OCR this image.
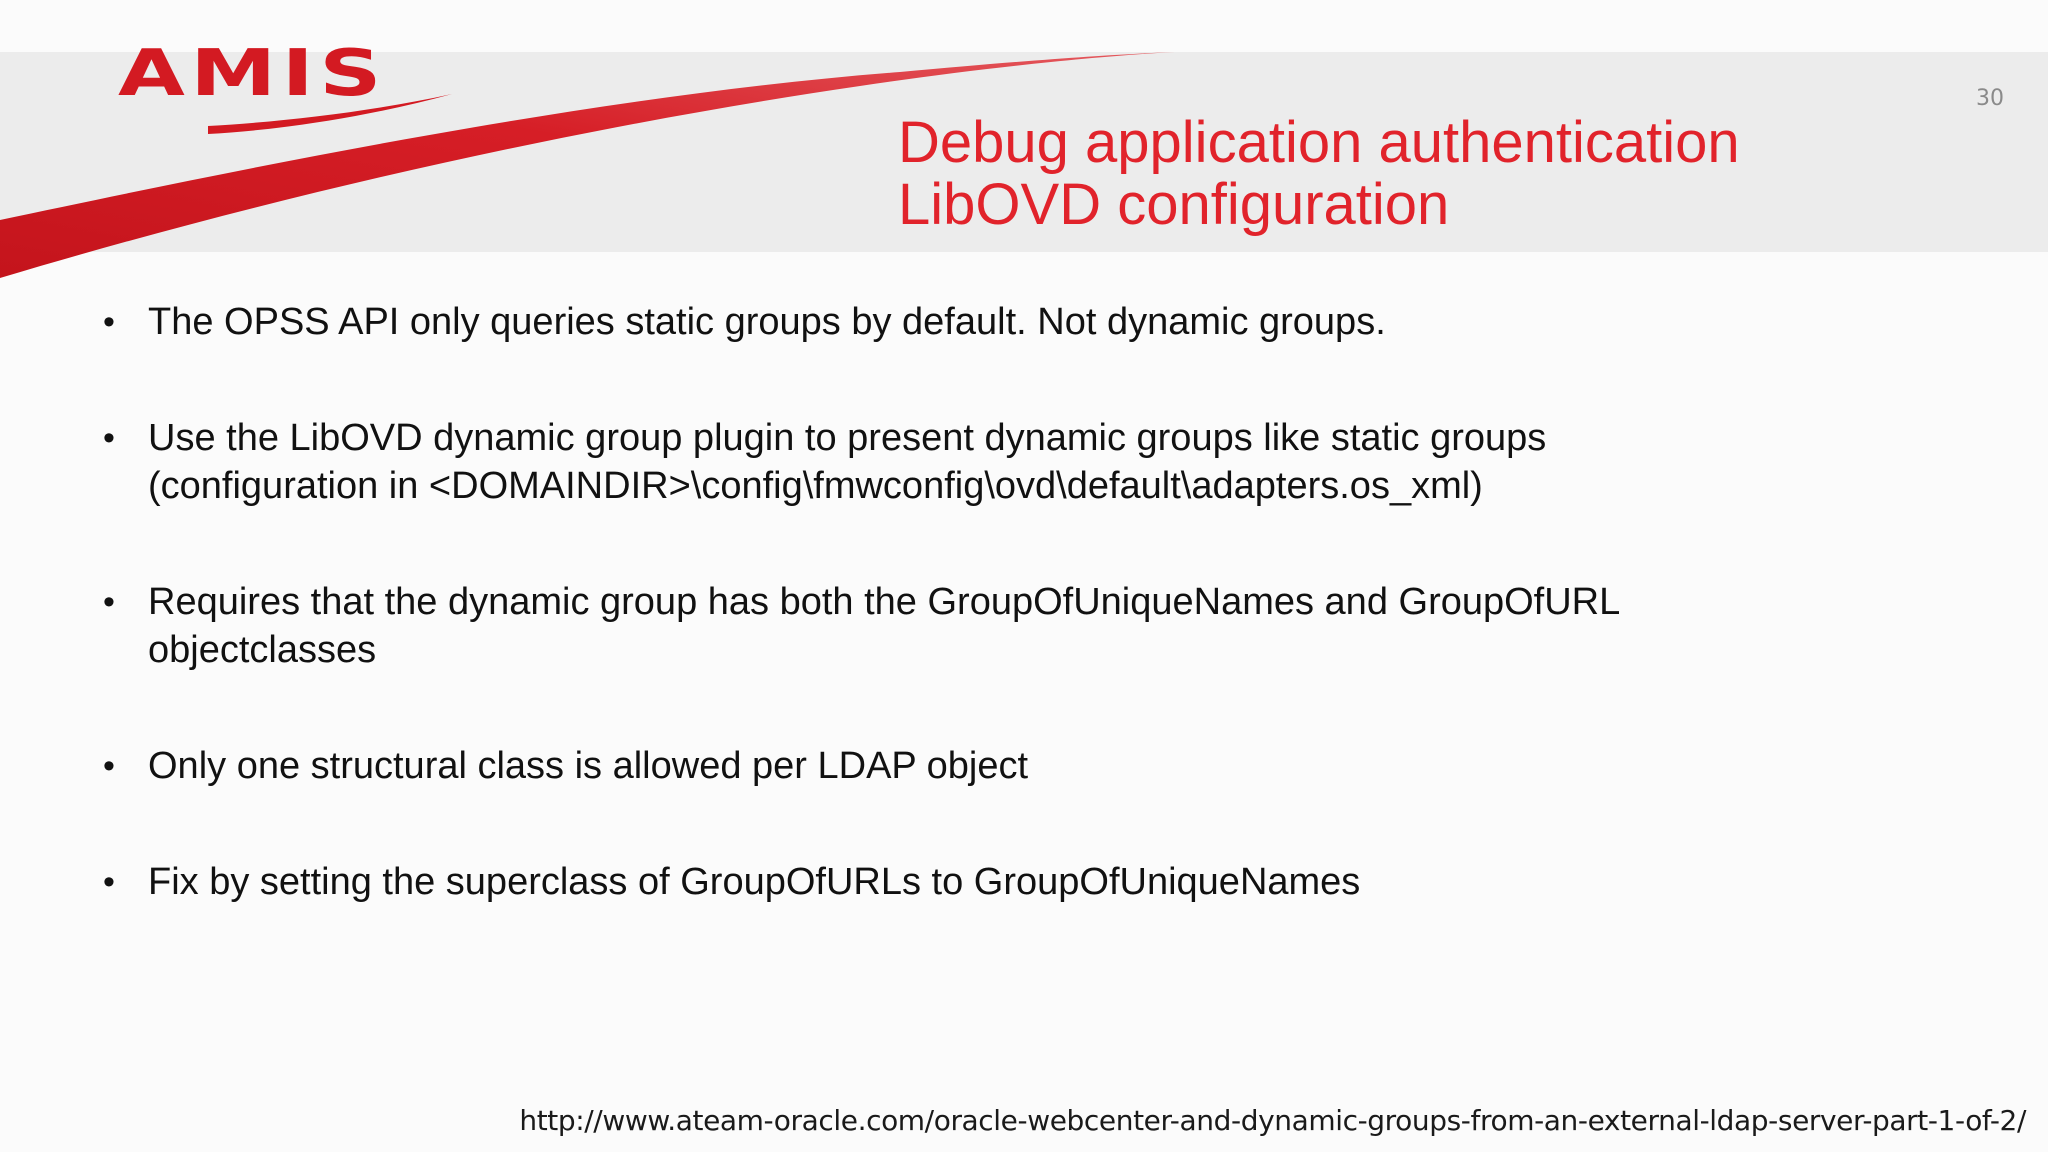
AMIS	30
Debug application authentication
LibOVD configuration
• The OPSS API only queries static groups by default. Not dynamic groups.
• Use the LibOVD dynamic group plugin to present dynamic groups like static groups
(configuration in <DOMAINDIR>\config\fmwconfig\ovd\default\adapters.os_xml)
• Requires that the dynamic group has both the GroupOfUniqueNames and GroupOfURL
objectclasses
• Only one structural class is allowed per LDAP object
• Fix by setting the superclass of GroupOfURLs to GroupOfUniqueNames
http://www.ateam-oracle.com/oracle-webcenter-and-dynamic-groups-from-an-external-ldap-server-part-1-of-2/
